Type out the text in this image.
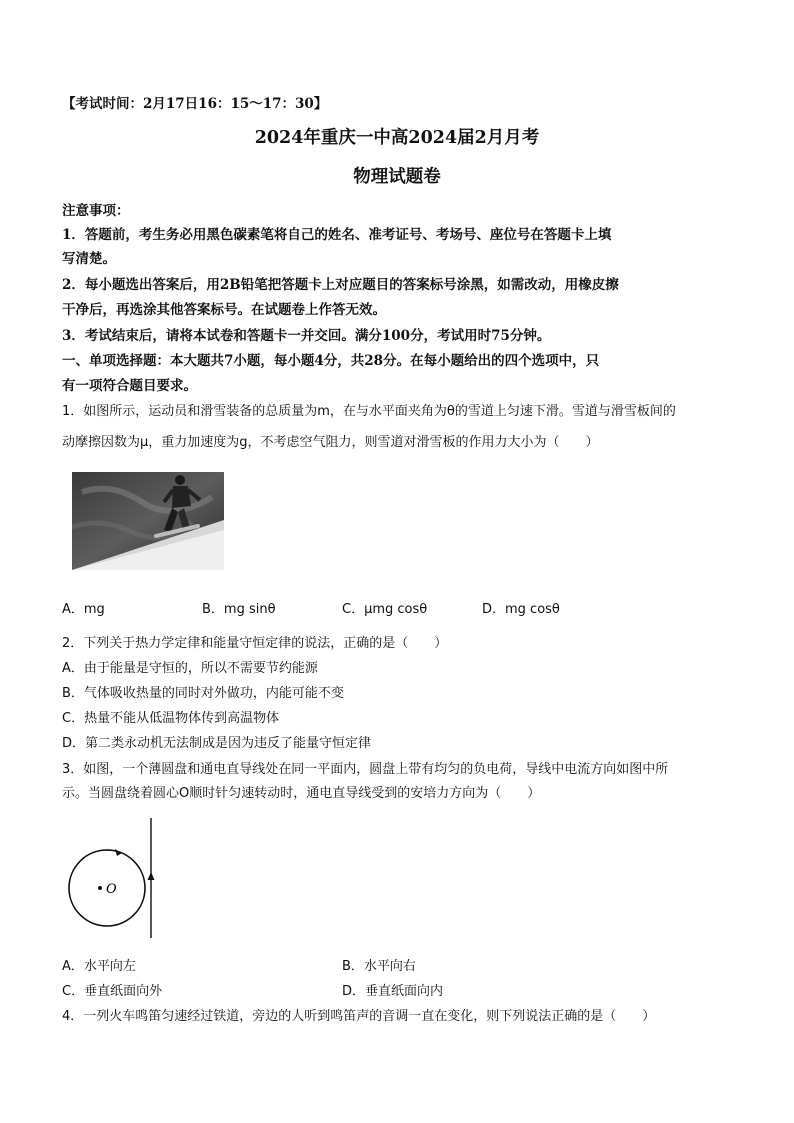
【考试时间：2月17日16：15～17：30】
2024年重庆一中高2024届2月月考
物理试题卷
注意事项：
1．答题前，考生务必用黑色碳素笔将自己的姓名、准考证号、考场号、座位号在答题卡上填
写清楚。
2．每小题选出答案后，用2B铅笔把答题卡上对应题目的答案标号涂黑，如需改动，用橡皮擦
干净后，再选涂其他答案标号。在试题卷上作答无效。
3．考试结束后，请将本试卷和答题卡一并交回。满分100分，考试用时75分钟。
一、单项选择题：本大题共7小题，每小题4分，共28分。在每小题给出的四个选项中，只
有一项符合题目要求。
1．如图所示，运动员和滑雪装备的总质量为m，在与水平面夹角为θ的雪道上匀速下滑。雪道与滑雪板间的
动摩擦因数为μ，重力加速度为g，不考虑空气阻力，则雪道对滑雪板的作用力大小为（　　）
A．mg	B．mg sinθ	C．μmg cosθ	D．mg cosθ
2．下列关于热力学定律和能量守恒定律的说法，正确的是（　　）
A．由于能量是守恒的，所以不需要节约能源
B．气体吸收热量的同时对外做功，内能可能不变
C．热量不能从低温物体传到高温物体
D．第二类永动机无法制成是因为违反了能量守恒定律
3．如图，一个薄圆盘和通电直导线处在同一平面内，圆盘上带有均匀的负电荷，导线中电流方向如图中所
示。当圆盘绕着圆心O顺时针匀速转动时，通电直导线受到的安培力方向为（　　）
O
A．水平向左	B．水平向右
C．垂直纸面向外	D．垂直纸面向内
4．一列火车鸣笛匀速经过铁道，旁边的人听到鸣笛声的音调一直在变化，则下列说法正确的是（　　）
